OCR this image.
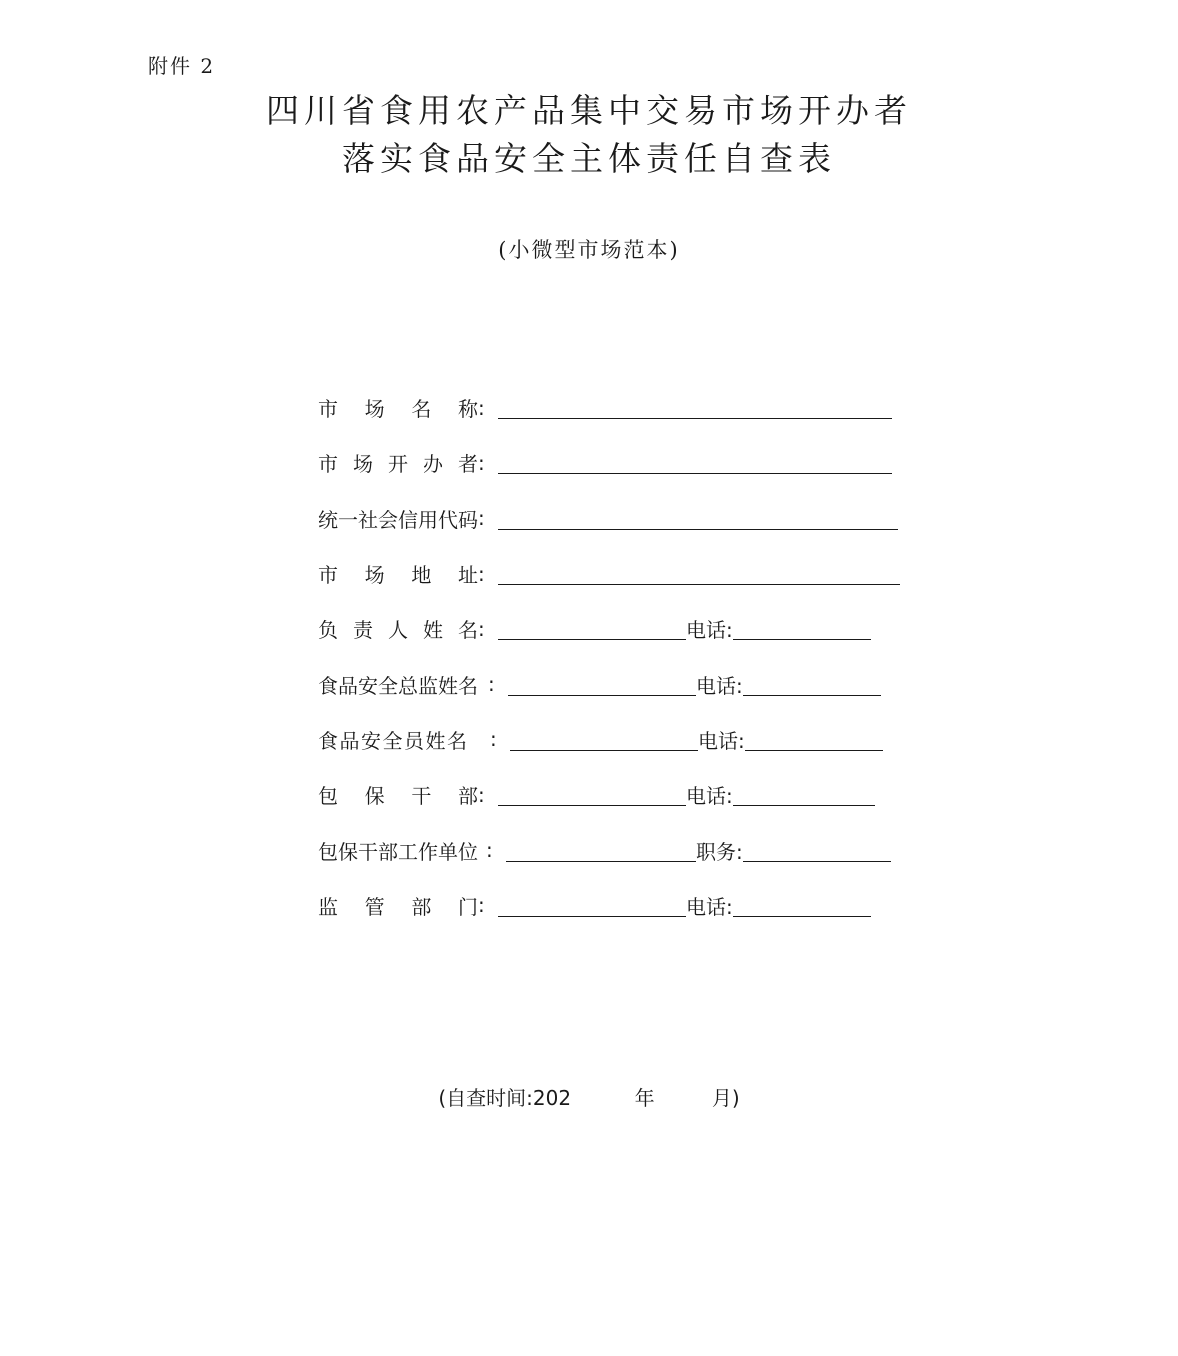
附件 2
四川省食用农产品集中交易市场开办者
落实食品安全主体责任自查表
(小微型市场范本)
市 场 名 称 :
市 场 开 办 者 :
统一社会信用代码 :
市 场 地 址 :
负 责 人 姓 名 :	电话:
食品安全总监姓名 :	电话:
食品安全员姓名	:	电话:
包 保 干 部 :	电话:
包保干部工作单位 :	职务:
监 管 部 门 :	电话:
(自查时间:202          年         月)
